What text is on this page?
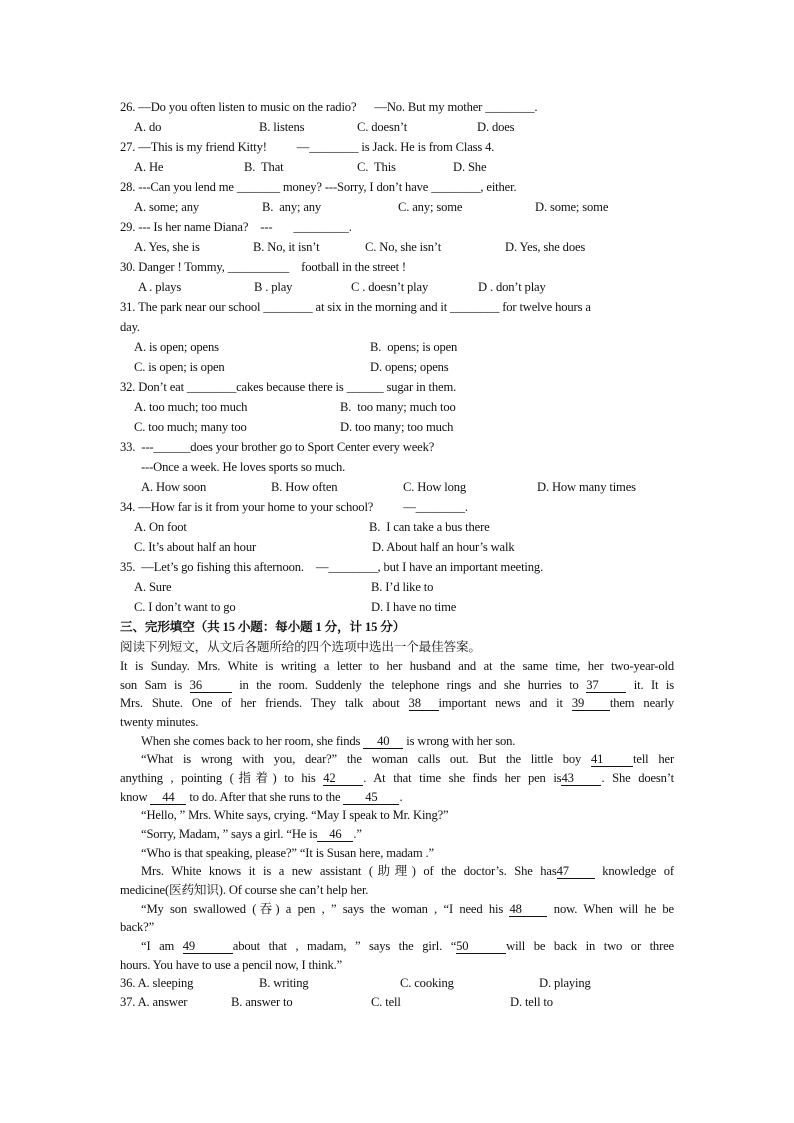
26. —Do you often listen to music on the radio?      —No. But my mother ________.
A. do	B. listens	C. doesn’t	D. does
27. —This is my friend Kitty!          —________ is Jack. He is from Class 4.
A. He	B.  That	C.  This	D. She
28. ---Can you lend me _______ money? ---Sorry, I don’t have ________, either.
A. some; any	B.  any; any	C. any; some	D. some; some
29. --- Is her name Diana?    ---       _________.
A. Yes, she is	B. No, it isn’t	C. No, she isn’t	D. Yes, she does
30. Danger ! Tommy, __________    football in the street !
A . plays	B . play	C . doesn’t play	D . don’t play
31. The park near our school ________ at six in the morning and it ________ for twelve hours a
day.
A. is open; opens	B.  opens; is open
C. is open; is open	D. opens; opens
32. Don’t eat ________cakes because there is ______ sugar in them.
A. too much; too much	B.  too many; much too
C. too much; many too	D. too many; too much
33.  ---______does your brother go to Sport Center every week?
---Once a week. He loves sports so much.
A. How soon	B. How often	C. How long	D. How many times
34. —How far is it from your home to your school?          —________.
A. On foot	B.  I can take a bus there
C. It’s about half an hour	D. About half an hour’s walk
35.  —Let’s go fishing this afternoon.    —________, but I have an important meeting.
A. Sure	B. I’d like to
C. I don’t want to go	D. I have no time
三、完形填空（共 15 小题：每小题 1 分，计 15 分）
阅读下列短文，从文后各题所给的四个选项中选出一个最佳答案。
It is Sunday. Mrs. White is writing a letter to her husband and at the same time, her two-year-old
son Sam is 36 in the room. Suddenly the telephone rings and she hurries to 37 it. It is
Mrs. Shute. One of her friends. They talk about 38 important news and it 39 them nearly
twenty minutes.
When she comes back to her room, she finds 40 is wrong with her son.
“What is wrong with you, dear?” the woman calls out. But the little boy 41 tell her
anything , pointing (指着) to his 42 . At that time she finds her pen is43 . She doesn’t
know 44 to do. After that she runs to the 45 .
“Hello, ” Mrs. White says, crying. “May I speak to Mr. King?”
“Sorry, Madam, ” says a girl. “He is 46 .”
“Who is that speaking, please?” “It is Susan here, madam .”
Mrs. White knows it is a new assistant (助理) of the doctor’s. She has47 knowledge of
medicine(医药知识). Of course she can’t help her.
“My son swallowed (吞) a pen , ” says the woman , “I need his 48 now. When will he be
back?”
“I am 49	about that , madam, ” says the girl. “50	will be back in two or three
hours. You have to use a pencil now, I think.”
36. A. sleeping	B. writing	C. cooking	D. playing
37. A. answer	B. answer to	C. tell	D. tell to
